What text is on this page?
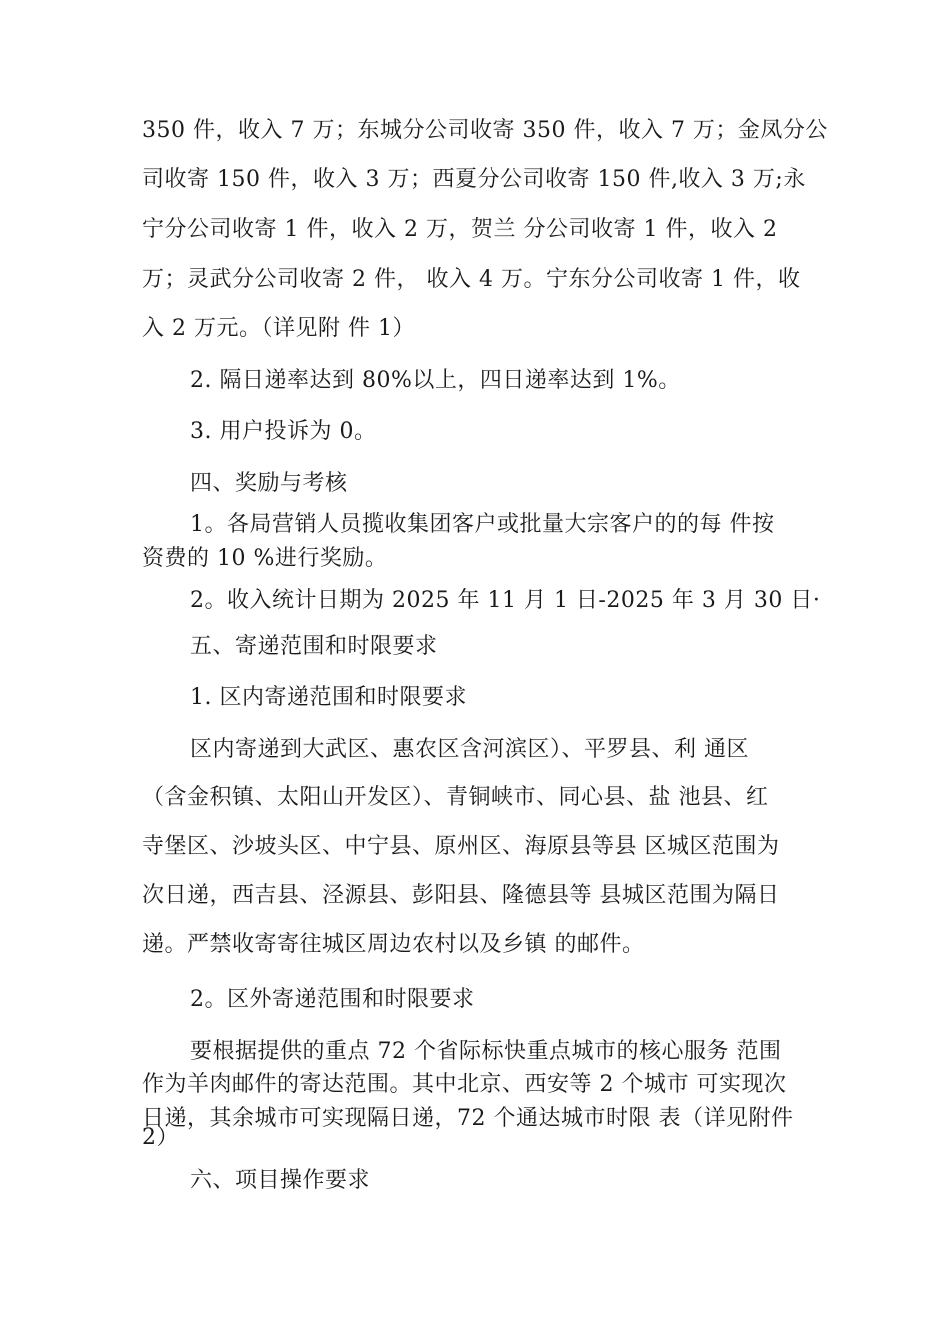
350 件，收入 7 万；东城分公司收寄 350 件，收入 7 万；金凤分公
司收寄 150 件，收入 3 万；西夏分公司收寄 150 件,收入 3 万;永
宁分公司收寄 1 件，收入 2 万，贺兰 分公司收寄 1 件，收入 2
万；灵武分公司收寄 2 件， 收入 4 万。宁东分公司收寄 1 件，收
入 2 万元。（详见附 件 1）
2. 隔日递率达到 80%以上，四日递率达到 1%。
3. 用户投诉为 0。
四、奖励与考核
1。各局营销人员揽收集团客户或批量大宗客户的的每 件按
资费的 10 %进行奖励。
2。收入统计日期为 2025 年 11 月 1 日-2025 年 3 月 30 日·
五、寄递范围和时限要求
1. 区内寄递范围和时限要求
区内寄递到大武区、惠农区含河滨区）、平罗县、利 通区
（含金积镇、太阳山开发区）、青铜峡市、同心县、盐 池县、红
寺堡区、沙坡头区、中宁县、原州区、海原县等县 区城区范围为
次日递，西吉县、泾源县、彭阳县、隆德县等 县城区范围为隔日
递。严禁收寄寄往城区周边农村以及乡镇 的邮件。
2。区外寄递范围和时限要求
要根据提供的重点 72 个省际标快重点城市的核心服务 范围
作为羊肉邮件的寄达范围。其中北京、西安等 2 个城市 可实现次
日递，其余城市可实现隔日递，72 个通达城市时限 表（详见附件
2）
六、项目操作要求
